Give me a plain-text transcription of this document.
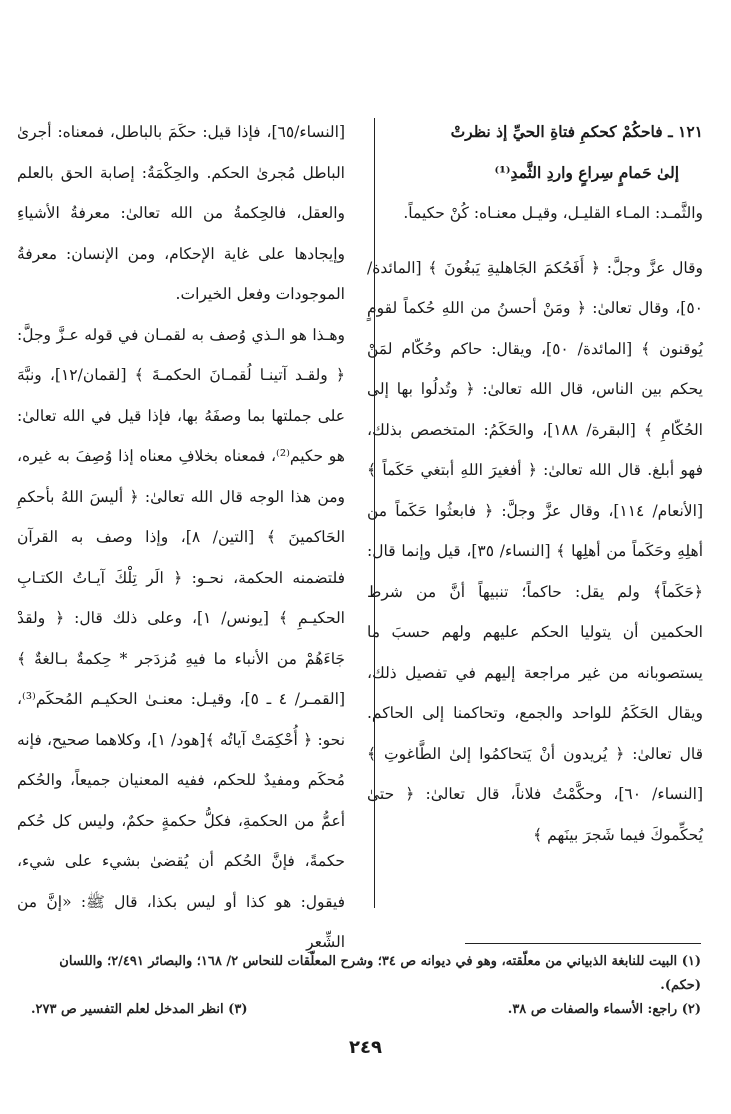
١٢١ ـ فاحكُمْ كحكمِ فتاةِ الحيِّ إذ نظرتْ

إلىٰ حَمامٍ سِراعٍ واردِ الثَّمدِ⁽¹⁾

والثَّمـد: المـاء القليـل، وقيـل معنـاه: كُنْ حكيماً.

وقال عزَّ وجلَّ: ﴿ أَفَحُكمَ الجَاهليةِ يَبغُونَ ﴾ [المائدة/ ٥٠]، وقال تعالىٰ: ﴿ ومَنْ أحسنُ من اللهِ حُكماً لقومٍ يُوقنون ﴾ [المائدة/ ٥٠]، ويقال: حاكم وحُكّام لمَنْ يحكم بين الناس، قال الله تعالىٰ: ﴿ وتُدلُوا بها إلى الحُكّامِ ﴾ [البقرة/ ١٨٨]، والحَكَمُ: المتخصص بذلك، فهو أبلغ. قال الله تعالىٰ: ﴿ أفغيرَ اللهِ أبتغي حَكَماً ﴾ [الأنعام/ ١١٤]، وقال عزَّ وجلَّ: ﴿ فابعثُوا حَكَماً من أهلِهِ وحَكَماً من أهلِها ﴾ [النساء/ ٣٥]، قيل وإنما قال: ﴿حَكَماً﴾ ولم يقل: حاكماً؛ تنبيهاً أنَّ من شرط الحكمين أن يتوليا الحكم عليهم ولهم حسبَ ما يستصوبانه من غير مراجعة إليهم في تفصيل ذلك، ويقال الحَكَمُ للواحد والجمع، وتحاكمنا إلى الحاكم. قال تعالىٰ: ﴿ يُريدون أنْ يَتحاكمُوا إلىٰ الطَّاغوتِ ﴾ [النساء/ ٦٠]، وحكَّمْتُ فلاناً، قال تعالىٰ: ﴿ حتىٰ يُحكِّموكَ فيما شَجرَ بينَهم ﴾

[النساء/٦٥]، فإذا قيل: حكَمَ بالباطل، فمعناه: أجرىٰ الباطل مُجرىٰ الحكم. والحِكْمَةُ: إصابة الحق بالعلم والعقل، فالحِكمةُ من الله تعالىٰ: معرفةُ الأشياءِ وإيجادها على غاية الإحكام، ومن الإنسان: معرفةُ الموجودات وفعل الخيرات.

وهـذا هو الـذي وُصف به لقمـان في قوله عـزَّ وجلَّ: ﴿ ولقـد آتينـا لُقمـانَ الحكمـةَ ﴾ [لقمان/١٢]، ونبَّهَ على جملتها بما وصفَهُ بها، فإذا قيل في الله تعالىٰ: هو حكيم⁽²⁾، فمعناه بخلافِ معناه إذا وُصِفَ به غيره، ومن هذا الوجه قال الله تعالىٰ: ﴿ أليسَ اللهُ بأحكمِ الحَاكمينَ ﴾ [التين/ ٨]، وإذا وصف به القرآن فلتضمنه الحكمة، نحـو: ﴿ الَر تِلْكَ آيـاتُ الكتـابِ الحكيـمِ ﴾ [يونس/ ١]، وعلى ذلك قال: ﴿ ولقدْ جَاءَهُمْ من الأنباء ما فيهِ مُزدَجر * حِكمةٌ بـالغةٌ ﴾ [القمـر/ ٤ ـ ٥]، وقيـل: معنـىٰ الحكيـم المُحكَم⁽³⁾، نحو: ﴿ أُحْكِمَتْ آياتُه ﴾[هود/ ١]، وكلاهما صحيح، فإنه مُحكَم ومفيدٌ للحكم، ففيه المعنيان جميعاً، والحُكم أعمُّ من الحكمةِ، فكلُّ حكمةٍ حكمٌ، وليس كل حُكم حكمةً، فإنَّ الحُكم أن يُقضىٰ بشيء على شيء، فيقول: هو كذا أو ليس بكذا، قال ﷺ: «إنَّ من الشِّعرِ

(١) البيت للنابغة الذبياني من معلّقته، وهو في ديوانه ص ٣٤؛ وشرح المعلّقات للنحاس ٢/ ١٦٨؛ والبصائر ٢/٤٩١؛ واللسان (حكم).

(٢) راجع: الأسماء والصفات ص ٣٨.
(٣) انظر المدخل لعلم التفسير ص ٢٧٣.
٢٤٩
